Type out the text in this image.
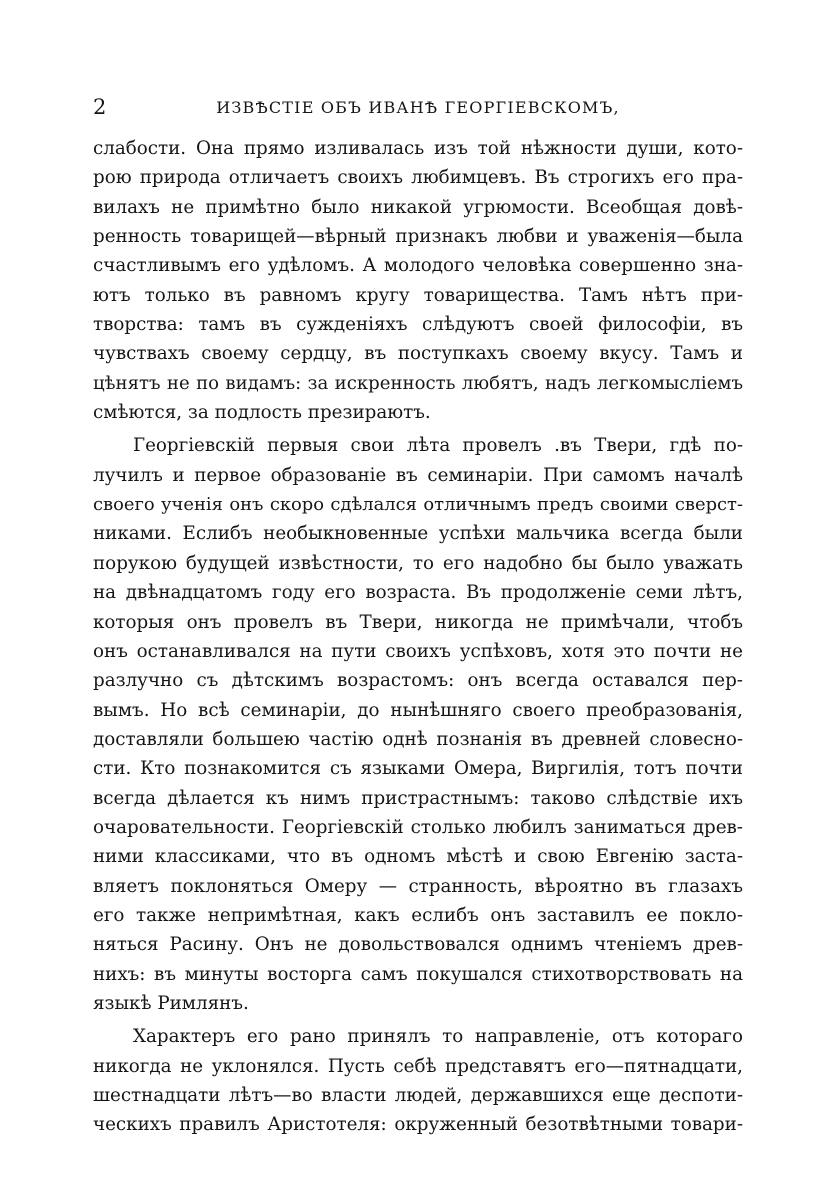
2	ИЗВѢСТІЕ ОБЪ ИВАНѢ ГЕОРГІЕВСКОМЪ,
слабости. Она прямо изливалась изъ той нѣжности души, кото-
рою природа отличаетъ своихъ любимцевъ. Въ строгихъ его пра-
вилахъ не примѣтно было никакой угрюмости. Всеобщая довѣ-
ренность товарищей—вѣрный признакъ любви и уваженія—была
счастливымъ его удѣломъ. А молодого человѣка совершенно зна-
ютъ только въ равномъ кругу товарищества. Тамъ нѣтъ при-
творства: тамъ въ сужденіяхъ слѣдуютъ своей философіи, въ
чувствахъ своему сердцу, въ поступкахъ своему вкусу. Тамъ и
цѣнятъ не по видамъ: за искренность любятъ, надъ легкомысліемъ
смѣются, за подлость презираютъ.
Георгіевскій первыя свои лѣта провелъ .въ Твери, гдѣ по-
лучилъ и первое образованіе въ семинаріи. При самомъ началѣ
своего ученія онъ скоро сдѣлался отличнымъ предъ своими сверст-
никами. Еслибъ необыкновенные успѣхи мальчика всегда были
порукою будущей извѣстности, то его надобно бы было уважать
на двѣнадцатомъ году его возраста. Въ продолженіе семи лѣтъ,
которыя онъ провелъ въ Твери, никогда не примѣчали, чтобъ
онъ останавливался на пути своихъ успѣховъ, хотя это почти не
разлучно съ дѣтскимъ возрастомъ: онъ всегда оставался пер-
вымъ. Но всѣ семинаріи, до нынѣшняго своего преобразованія,
доставляли большею частію однѣ познанія въ древней словесно-
сти. Кто познакомится съ языками Омера, Виргилія, тотъ почти
всегда дѣлается къ нимъ пристрастнымъ: таково слѣдствіе ихъ
очаровательности. Георгіевскій столько любилъ заниматься древ-
ними классиками, что въ одномъ мѣстѣ и свою Евгенію заста-
вляетъ поклоняться Омеру — странность, вѣроятно въ глазахъ
его также непримѣтная, какъ еслибъ онъ заставилъ ее покло-
няться Расину. Онъ не довольствовался однимъ чтеніемъ древ-
нихъ: въ минуты восторга самъ покушался стихотворствовать на
языкѣ Римлянъ.
Характеръ его рано принялъ то направленіе, отъ котораго
никогда не уклонялся. Пусть себѣ представятъ его—пятнадцати,
шестнадцати лѣтъ—во власти людей, державшихся еще деспоти-
ческихъ правилъ Аристотеля: окруженный безотвѣтными товари-
